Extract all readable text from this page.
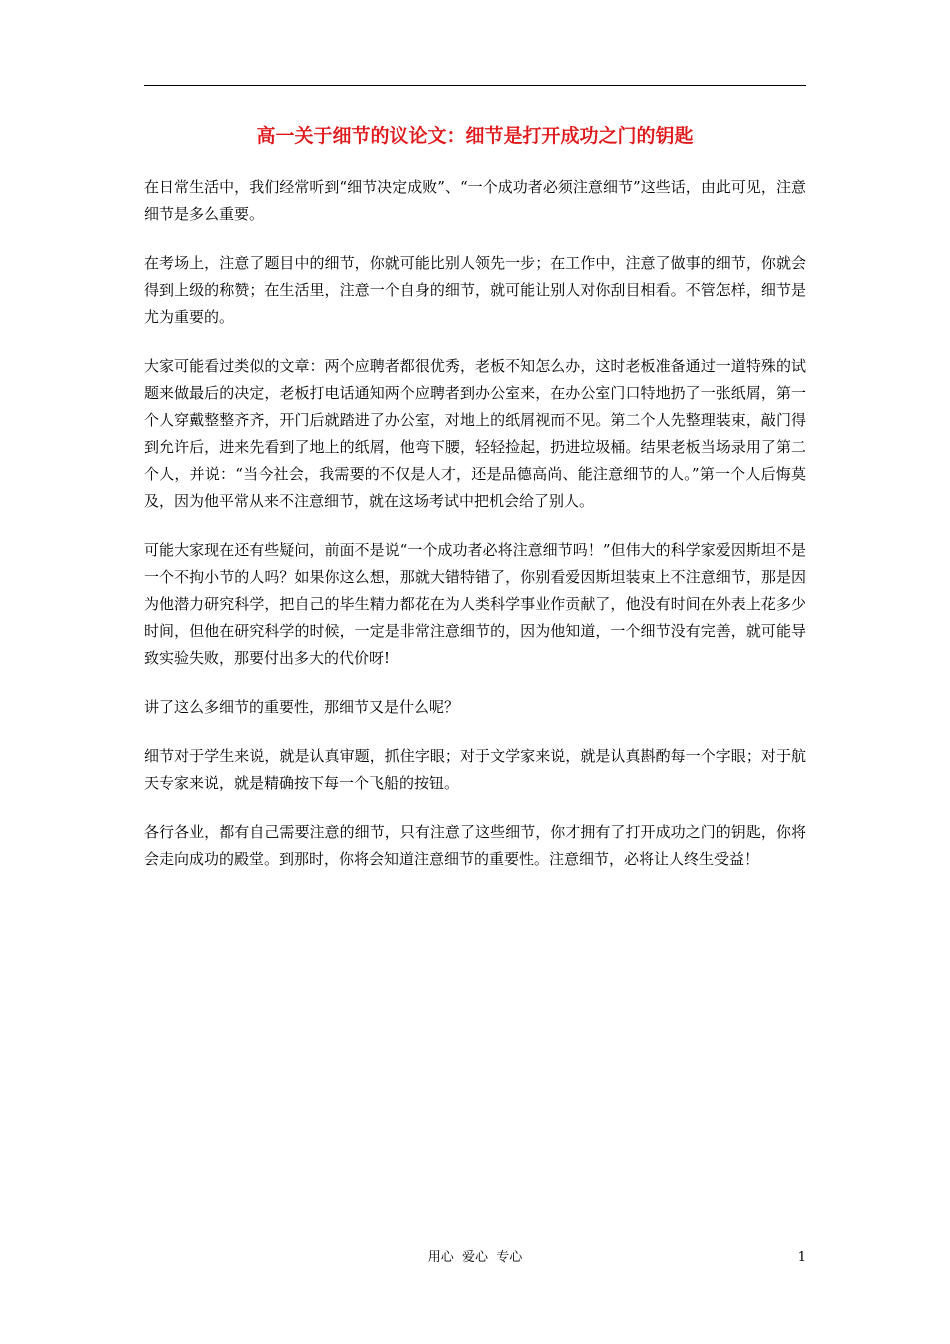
高一关于细节的议论文：细节是打开成功之门的钥匙

在日常生活中，我们经常听到“细节决定成败”、“一个成功者必须注意细节”这些话，由此可见，注意细节是多么重要。

在考场上，注意了题目中的细节，你就可能比别人领先一步；在工作中，注意了做事的细节，你就会得到上级的称赞；在生活里，注意一个自身的细节，就可能让别人对你刮目相看。不管怎样，细节是尤为重要的。

大家可能看过类似的文章：两个应聘者都很优秀，老板不知怎么办，这时老板准备通过一道特殊的试题来做最后的决定，老板打电话通知两个应聘者到办公室来，在办公室门口特地扔了一张纸屑，第一个人穿戴整整齐齐，开门后就踏进了办公室，对地上的纸屑视而不见。第二个人先整理装束，敲门得到允许后，进来先看到了地上的纸屑，他弯下腰，轻轻捡起，扔进垃圾桶。结果老板当场录用了第二个人，并说：“当今社会，我需要的不仅是人才，还是品德高尚、能注意细节的人。”第一个人后悔莫及，因为他平常从来不注意细节，就在这场考试中把机会给了别人。

可能大家现在还有些疑问，前面不是说“一个成功者必将注意细节吗！”但伟大的科学家爱因斯坦不是一个不拘小节的人吗？如果你这么想，那就大错特错了，你别看爱因斯坦装束上不注意细节，那是因为他潜力研究科学，把自己的毕生精力都花在为人类科学事业作贡献了，他没有时间在外表上花多少时间，但他在研究科学的时候，一定是非常注意细节的，因为他知道，一个细节没有完善，就可能导致实验失败，那要付出多大的代价呀!

讲了这么多细节的重要性，那细节又是什么呢？

细节对于学生来说，就是认真审题，抓住字眼；对于文学家来说，就是认真斟酌每一个字眼；对于航天专家来说，就是精确按下每一个飞船的按钮。

各行各业，都有自己需要注意的细节，只有注意了这些细节，你才拥有了打开成功之门的钥匙，你将会走向成功的殿堂。到那时，你将会知道注意细节的重要性。注意细节，必将让人终生受益！

用心  爱心  专心	1
